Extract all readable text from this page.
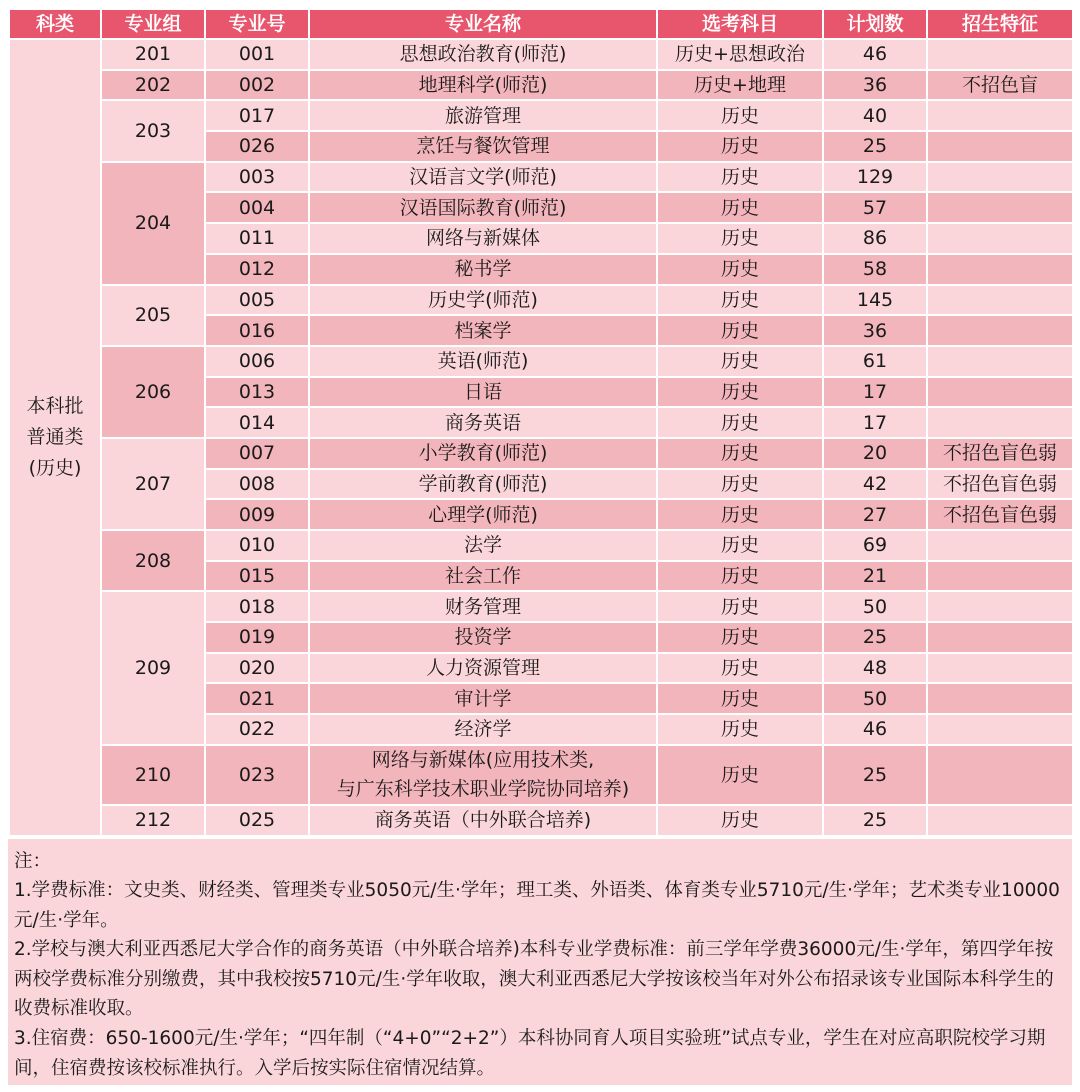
科类	专业组	专业号	专业名称	选考科目	计划数	招生特征

本科批
普通类
(历史)	201	001	思想政治教育(师范)	历史+思想政治	46	
	202	002	地理科学(师范)	历史+地理	36	不招色盲
	203	017	旅游管理	历史	40	
		026	烹饪与餐饮管理	历史	25	
	204	003	汉语言文学(师范)	历史	129	
		004	汉语国际教育(师范)	历史	57	
		011	网络与新媒体	历史	86	
		012	秘书学	历史	58	
	205	005	历史学(师范)	历史	145	
		016	档案学	历史	36	
	206	006	英语(师范)	历史	61	
		013	日语	历史	17	
		014	商务英语	历史	17	
	207	007	小学教育(师范)	历史	20	不招色盲色弱
		008	学前教育(师范)	历史	42	不招色盲色弱
		009	心理学(师范)	历史	27	不招色盲色弱
	208	010	法学	历史	69	
		015	社会工作	历史	21	
	209	018	财务管理	历史	50	
		019	投资学	历史	25	
		020	人力资源管理	历史	48	
		021	审计学	历史	50	
		022	经济学	历史	46	
	210	023	网络与新媒体(应用技术类,
与广东科学技术职业学院协同培养)	历史	25	
	212	025	商务英语（中外联合培养)	历史	25	

注：

1.学费标准：文史类、财经类、管理类专业5050元/生·学年；理工类、外语类、体育类专业5710元/生·学年；艺术类专业10000元/生·学年。

2.学校与澳大利亚西悉尼大学合作的商务英语（中外联合培养)本科专业学费标准：前三学年学费36000元/生·学年，第四学年按两校学费标准分别缴费，其中我校按5710元/生·学年收取，澳大利亚西悉尼大学按该校当年对外公布招录该专业国际本科学生的收费标准收取。

3.住宿费：650-1600元/生·学年；“四年制（“4+0”“2+2”）本科协同育人项目实验班”试点专业，学生在对应高职院校学习期间，住宿费按该校标准执行。入学后按实际住宿情况结算。
